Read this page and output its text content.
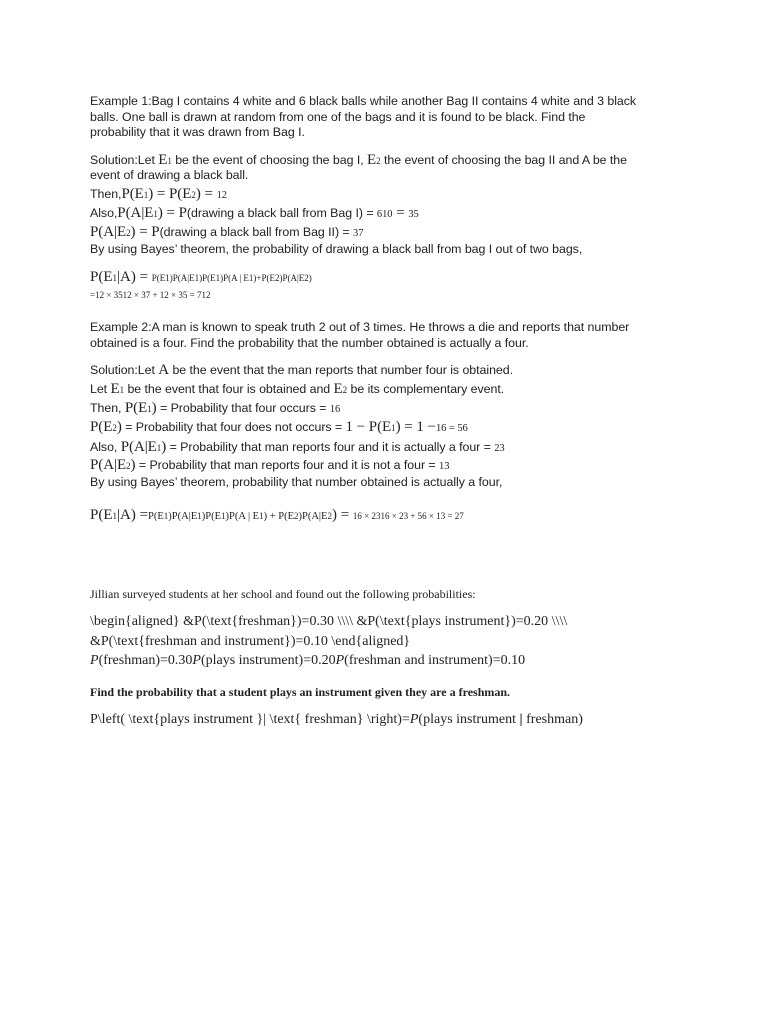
Example 1:Bag I contains 4 white and 6 black balls while another Bag II contains 4 white and 3 black
balls. One ball is drawn at random from one of the bags and it is found to be black. Find the
probability that it was drawn from Bag I.
Solution:Let E1 be the event of choosing the bag I, E2 the event of choosing the bag II and A be the
event of drawing a black ball.
Then,P(E1) = P(E2) = 12
Also,P(A|E1) = P(drawing a black ball from Bag I) = 610 = 35
P(A|E2) = P(drawing a black ball from Bag II) = 37
By using Bayes’ theorem, the probability of drawing a black ball from bag I out of two bags,
P(E1|A) = P(E1)P(A|E1)P(E1)P(A | E1)+P(E2)P(A|E2)
=12 × 3512 × 37 + 12 × 35 = 712
Example 2:A man is known to speak truth 2 out of 3 times. He throws a die and reports that number
obtained is a four. Find the probability that the number obtained is actually a four.
Solution:Let A be the event that the man reports that number four is obtained.
Let E1 be the event that four is obtained and E2 be its complementary event.
Then, P(E1) = Probability that four occurs = 16
P(E2) = Probability that four does not occurs = 1 − P(E1) = 1 −16 = 56
Also, P(A|E1) = Probability that man reports four and it is actually a four = 23
P(A|E2) = Probability that man reports four and it is not a four = 13
By using Bayes’ theorem, probability that number obtained is actually a four,
P(E1|A) =P(E1)P(A|E1)P(E1)P(A | E1) + P(E2)P(A|E2) = 16 × 2316 × 23 + 56 × 13 = 27
Jillian surveyed students at her school and found out the following probabilities:
\begin{aligned} &P(\text{freshman})=0.30 \\\\ &P(\text{plays instrument})=0.20 \\\\
&P(\text{freshman and instrument})=0.10 \end{aligned}
P(freshman)=0.30P(plays instrument)=0.20P(freshman and instrument)=0.10
Find the probability that a student plays an instrument given they are a freshman.
P\left( \text{plays instrument }| \text{ freshman} \right)=P(plays instrument | freshman)
